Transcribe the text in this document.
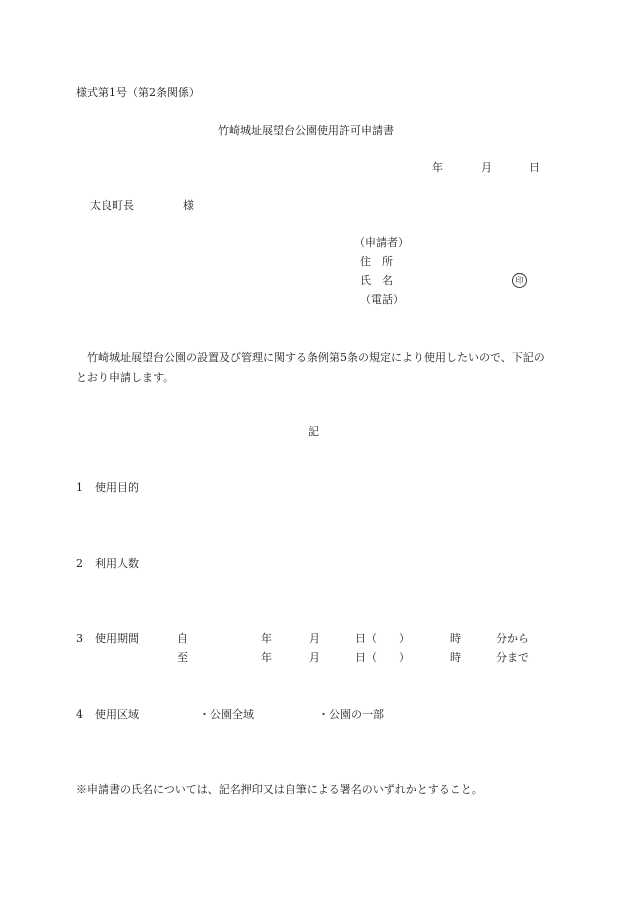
様式第1号（第2条関係）
竹崎城址展望台公園使用許可申請書
年	月	日
太良町長	様
（申請者）
住　所
氏　名	印
（電話）
竹崎城址展望台公園の設置及び管理に関する条例第5条の規定により使用したいので、下記のとおり申請します。
記
1 使用目的
2 利用人数
3 使用期間	自	年	月	日（　　）	時	分から
至	年	月	日（　　）	時	分まで
4 使用区域	・公園全域	・公園の一部
※申請書の氏名については、記名押印又は自筆による署名のいずれかとすること。
